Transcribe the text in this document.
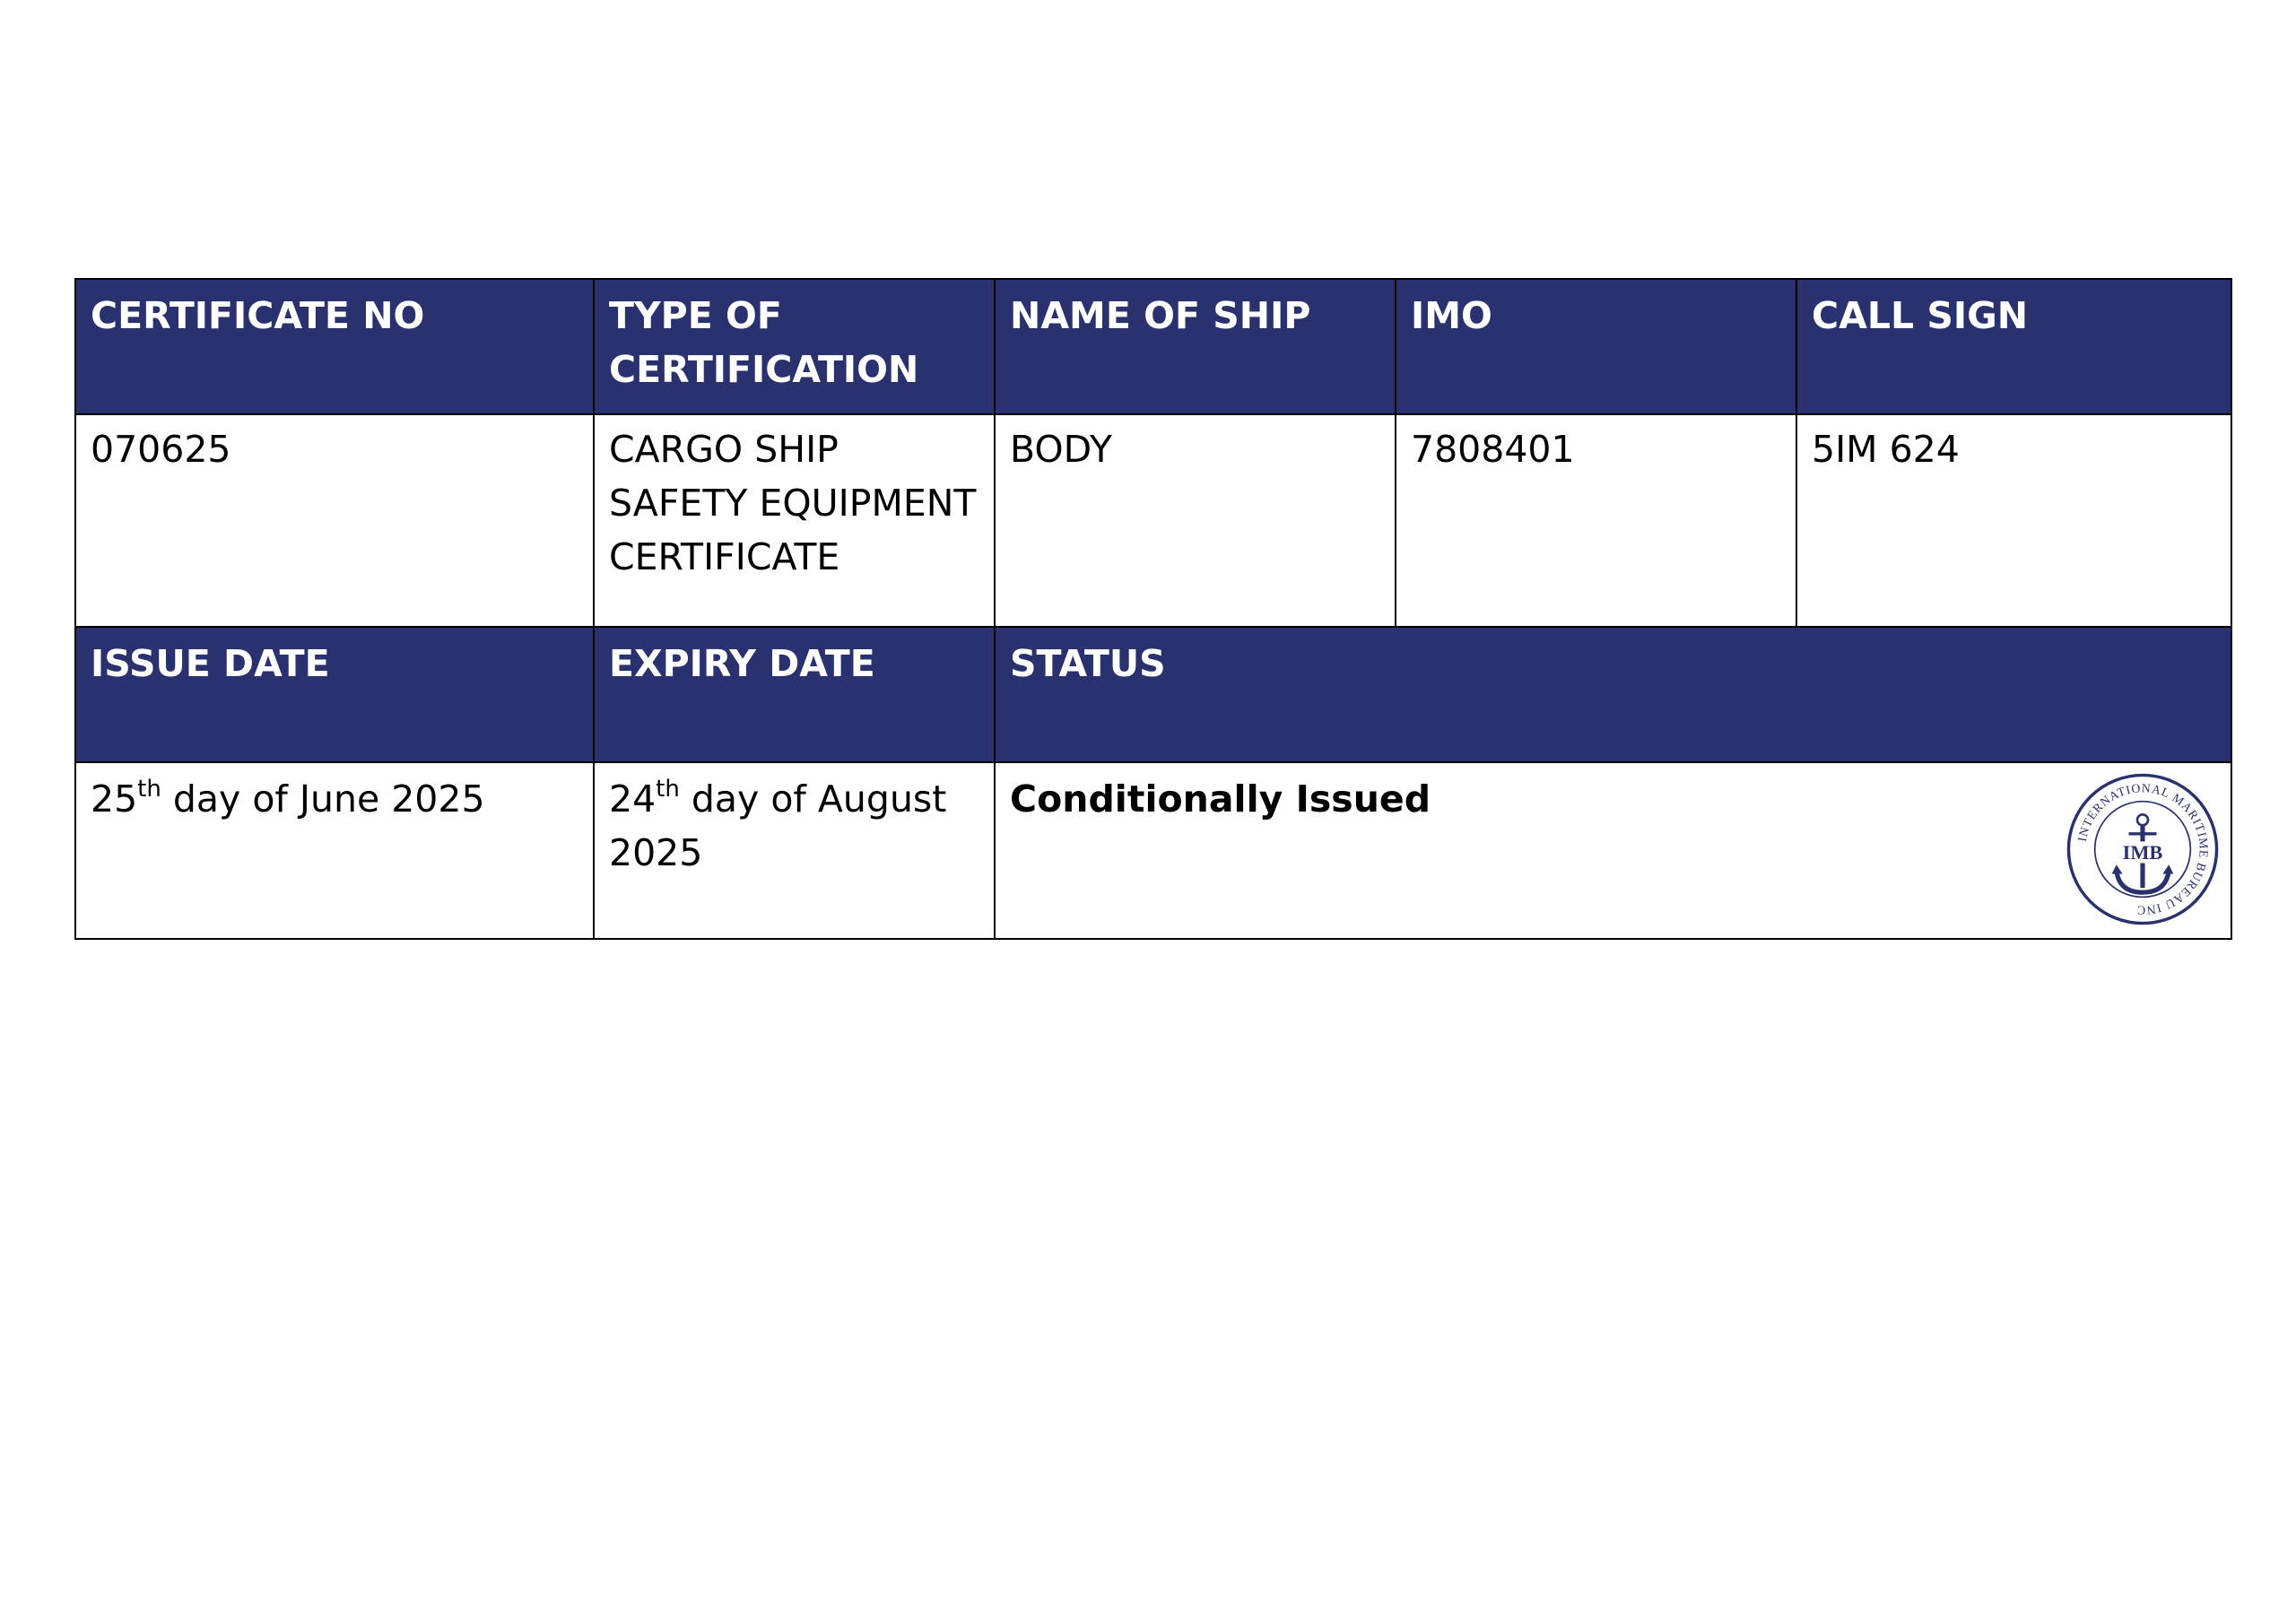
CERTIFICATE NO	TYPE OF CERTIFICATION	NAME OF SHIP	IMO	CALL SIGN
070625	CARGO SHIP SAFETY EQUIPMENT CERTIFICATE	BODY	7808401	5IM 624
ISSUE DATE	EXPIRY DATE	STATUS		
25th day of June 2025	24th day of August 2025	Conditionally Issued
INTERNATIONAL MARITIME BUREAU INC
IMB		
